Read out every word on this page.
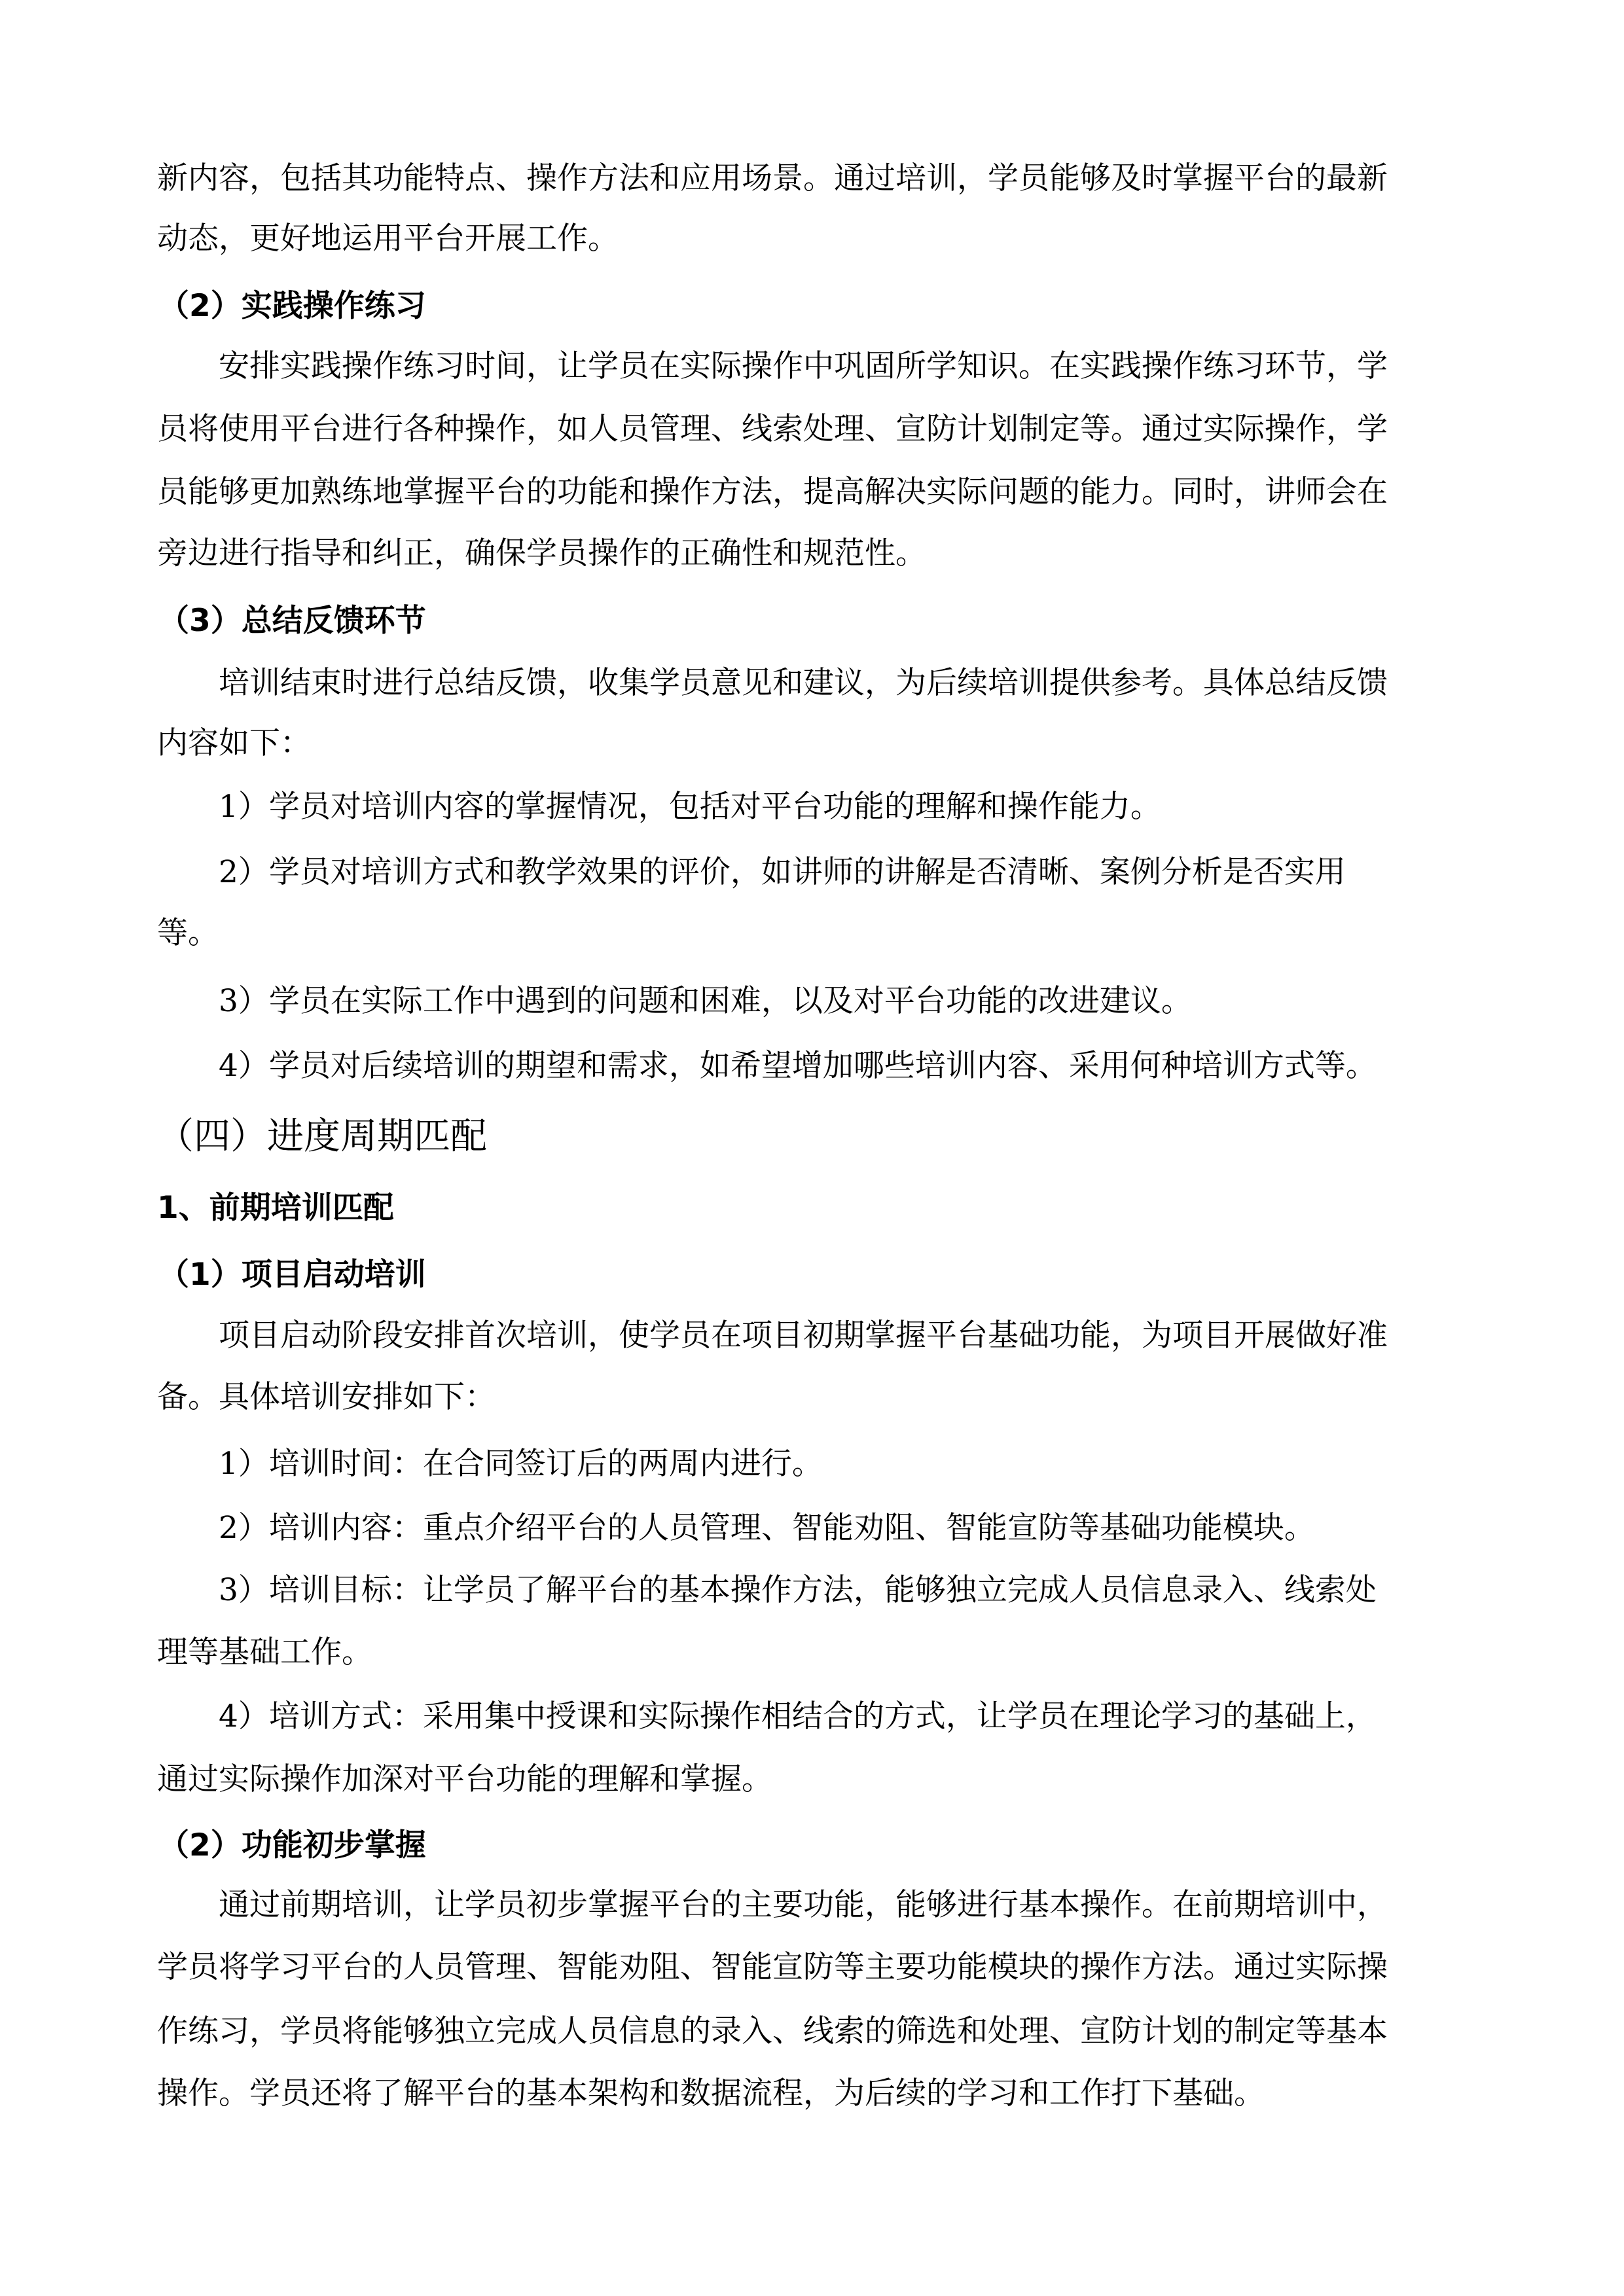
新内容，包括其功能特点、操作方法和应用场景。通过培训，学员能够及时掌握平台的最新
动态，更好地运用平台开展工作。
（2）实践操作练习
安排实践操作练习时间，让学员在实际操作中巩固所学知识。在实践操作练习环节，学
员将使用平台进行各种操作，如人员管理、线索处理、宣防计划制定等。通过实际操作，学
员能够更加熟练地掌握平台的功能和操作方法，提高解决实际问题的能力。同时，讲师会在
旁边进行指导和纠正，确保学员操作的正确性和规范性。
（3）总结反馈环节
培训结束时进行总结反馈，收集学员意见和建议，为后续培训提供参考。具体总结反馈
内容如下：
1）学员对培训内容的掌握情况，包括对平台功能的理解和操作能力。
2）学员对培训方式和教学效果的评价，如讲师的讲解是否清晰、案例分析是否实用
等。
3）学员在实际工作中遇到的问题和困难，以及对平台功能的改进建议。
4）学员对后续培训的期望和需求，如希望增加哪些培训内容、采用何种培训方式等。
（四）进度周期匹配
1、前期培训匹配
（1）项目启动培训
项目启动阶段安排首次培训，使学员在项目初期掌握平台基础功能，为项目开展做好准
备。具体培训安排如下：
1）培训时间：在合同签订后的两周内进行。
2）培训内容：重点介绍平台的人员管理、智能劝阻、智能宣防等基础功能模块。
3）培训目标：让学员了解平台的基本操作方法，能够独立完成人员信息录入、线索处
理等基础工作。
4）培训方式：采用集中授课和实际操作相结合的方式，让学员在理论学习的基础上，
通过实际操作加深对平台功能的理解和掌握。
（2）功能初步掌握
通过前期培训，让学员初步掌握平台的主要功能，能够进行基本操作。在前期培训中，
学员将学习平台的人员管理、智能劝阻、智能宣防等主要功能模块的操作方法。通过实际操
作练习，学员将能够独立完成人员信息的录入、线索的筛选和处理、宣防计划的制定等基本
操作。学员还将了解平台的基本架构和数据流程，为后续的学习和工作打下基础。
